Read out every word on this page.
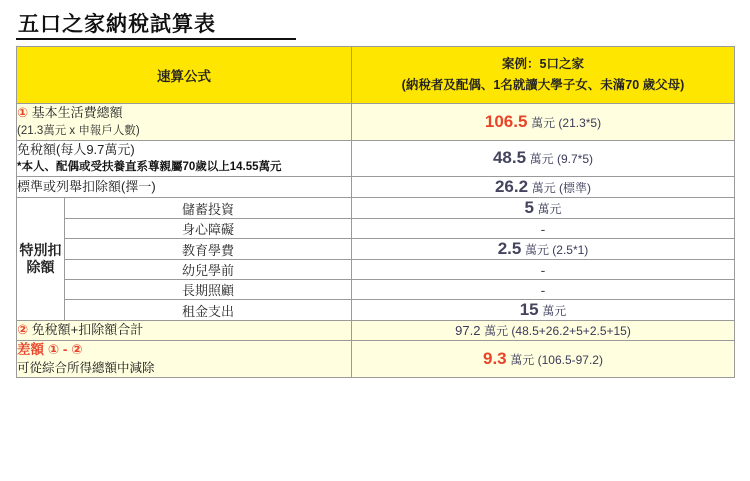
五口之家納稅試算表
速算公式		案例：5口之家
(納稅者及配偶、1名就讀大學子女、未滿70 歲父母)

① 基本生活費總額
(21.3萬元 x 申報戶人數)		106.5 萬元 (21.3*5)

免稅額(每人9.7萬元)
*本人、配偶或受扶養直系尊親屬70歲以上14.55萬元		48.5 萬元 (9.7*5)
標準或列舉扣除額(擇一)		26.2 萬元 (標準)
特別扣除額	儲蓄投資	5 萬元
	身心障礙	-
	教育學費	2.5 萬元 (2.5*1)
	幼兒學前	-
	長期照顧	-
	租金支出	15 萬元
② 免稅額+扣除額合計		97.2 萬元 (48.5+26.2+5+2.5+15)

差額 ① - ②
可從綜合所得總額中減除		9.3 萬元 (106.5-97.2)
